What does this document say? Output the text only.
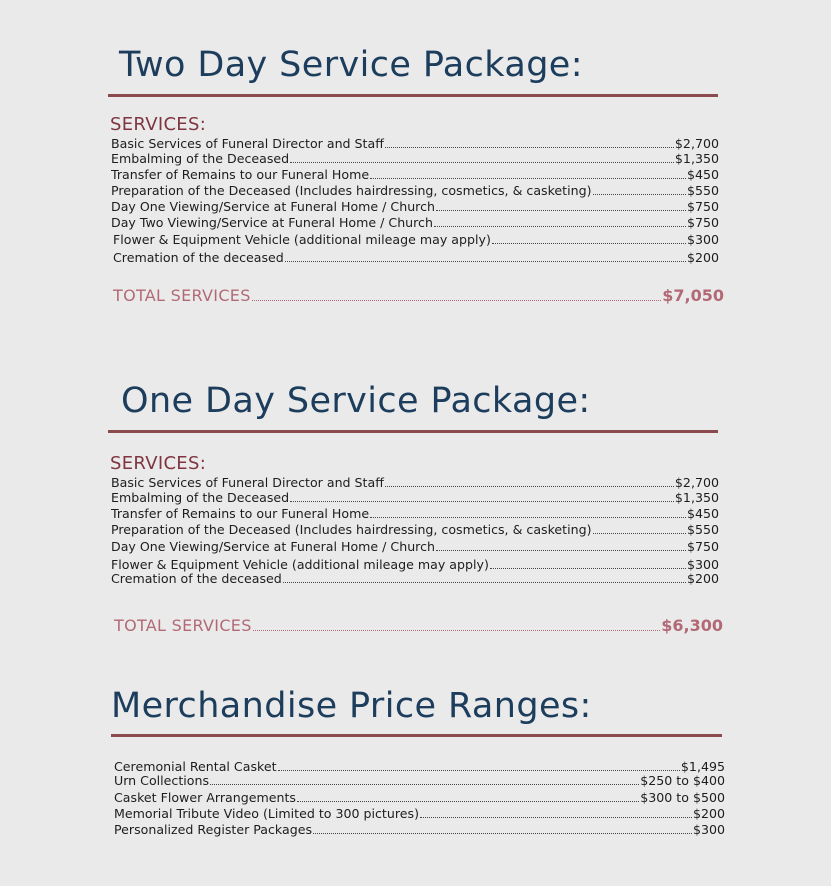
Two Day Service Package:
SERVICES:
Basic Services of Funeral Director and Staff	$2,700
Embalming of the Deceased	$1,350
Transfer of Remains to our Funeral Home	$450
Preparation of the Deceased (Includes hairdressing, cosmetics, & casketing)	$550
Day One Viewing/Service at Funeral Home / Church	$750
Day Two Viewing/Service at Funeral Home / Church	$750
Flower & Equipment Vehicle (additional mileage may apply)	$300
Cremation of the deceased	$200
TOTAL SERVICES	$7,050
One Day Service Package:
SERVICES:
Basic Services of Funeral Director and Staff	$2,700
Embalming of the Deceased	$1,350
Transfer of Remains to our Funeral Home	$450
Preparation of the Deceased (Includes hairdressing, cosmetics, & casketing)	$550
Day One Viewing/Service at Funeral Home / Church	$750
Flower & Equipment Vehicle (additional mileage may apply)	$300
Cremation of the deceased	$200
TOTAL SERVICES	$6,300
Merchandise Price Ranges:
Ceremonial Rental Casket	$1,495
Urn Collections	$250 to $400
Casket Flower Arrangements	$300 to $500
Memorial Tribute Video (Limited to 300 pictures)	$200
Personalized Register Packages	$300
